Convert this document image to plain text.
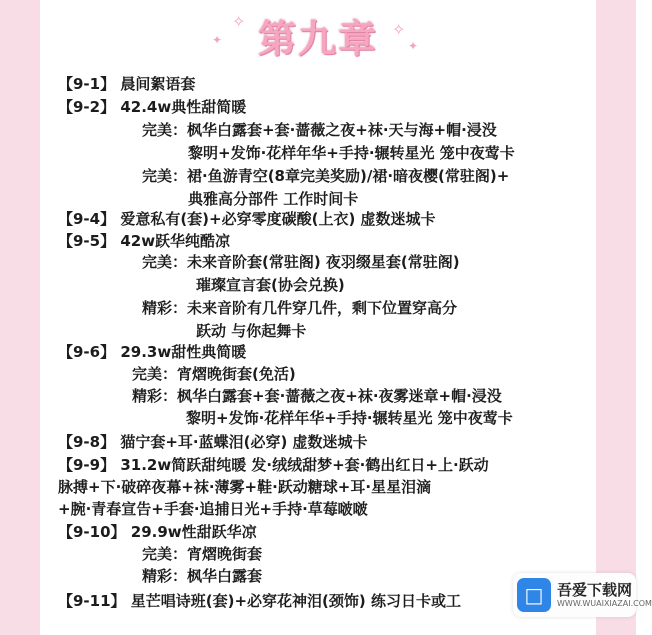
✧
✦
✧
✦
第九章
【9-1】 晨间絮语套
【9-2】 42.4w典性甜简暖
完美：枫华白露套+套·蔷薇之夜+袜·天与海+帽·浸没
黎明+发饰·花样年华+手持·辗转星光 笼中夜莺卡
完美：裙·鱼游青空(8章完美奖励)/裙·暗夜樱(常驻阁)+
典雅高分部件 工作时间卡
【9-4】 爱意私有(套)+必穿零度碳酸(上衣) 虚数迷城卡
【9-5】 42w跃华纯酷凉
完美：未来音阶套(常驻阁) 夜羽缀星套(常驻阁)
璀璨宣言套(协会兑换)
精彩：未来音阶有几件穿几件，剩下位置穿高分
跃动 与你起舞卡
【9-6】 29.3w甜性典简暖
完美：宵熠晚街套(免活)
精彩：枫华白露套+套·蔷薇之夜+袜·夜雾迷章+帽·浸没
黎明+发饰·花样年华+手持·辗转星光 笼中夜莺卡
【9-8】 猫宁套+耳·蓝蝶泪(必穿) 虚数迷城卡
【9-9】 31.2w简跃甜纯暖 发·绒绒甜梦+套·鹤出红日+上·跃动
脉搏+下·破碎夜幕+袜·薄雾+鞋·跃动糖球+耳·星星泪滴
+腕·青春宣告+手套·追捕日光+手持·草莓啵啵
【9-10】 29.9w性甜跃华凉
完美：宵熠晚街套
精彩：枫华白露套
【9-11】 星芒唱诗班(套)+必穿花神泪(颈饰) 练习日卡或工	□ 吾爱下载网
WWW.WUAIXIAZAI.COM
